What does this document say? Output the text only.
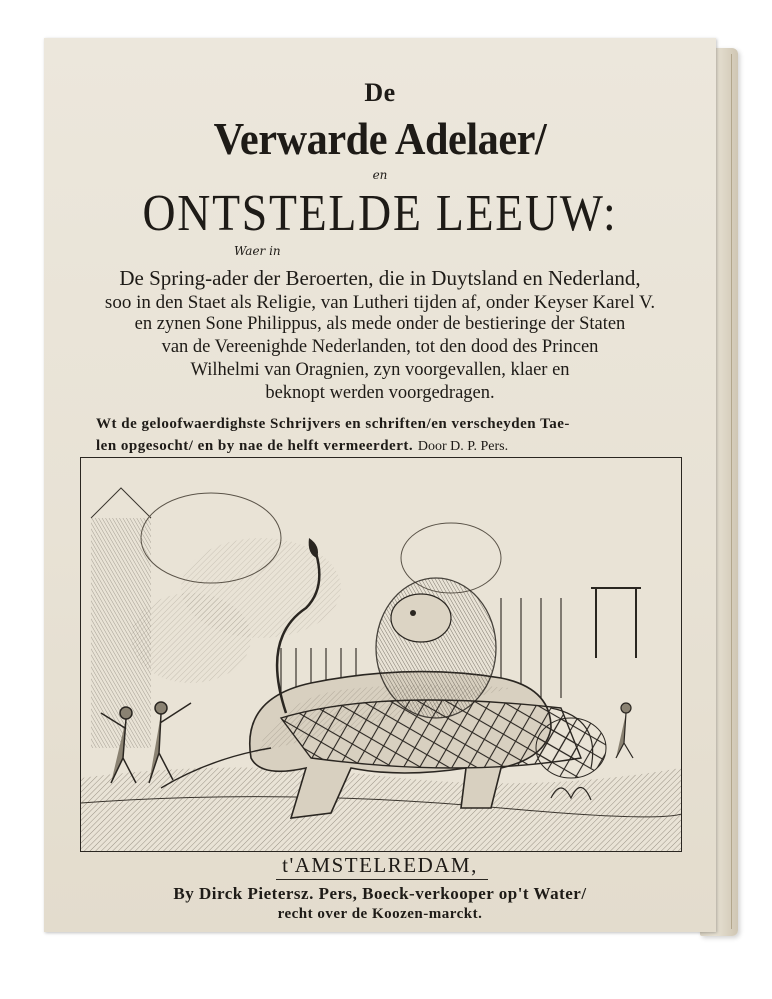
De
Verwarde Adelaer/
en
ONTSTELDE LEEUW:
Waer in
De Spring-ader der Beroerten, die in Duytsland en Nederland,
soo in den Staet als Religie, van Lutheri tijden af, onder Keyser Karel V.
en zynen Sone Philippus, als mede onder de bestieringe der Staten
van de Vereenighde Nederlanden, tot den dood des Princen
Wilhelmi van Oragnien, zyn voorgevallen, klaer en
beknopt werden voorgedragen.
Wt de geloofwaerdighste Schrijvers en schriften/en verscheyden Tae-
len opgesocht/ en by nae de helft vermeerdert. Door D. P. Pers.
t'AMSTELREDAM,
By Dirck Pietersz. Pers, Boeck-verkooper op't Water/
recht over de Koozen-marckt.
